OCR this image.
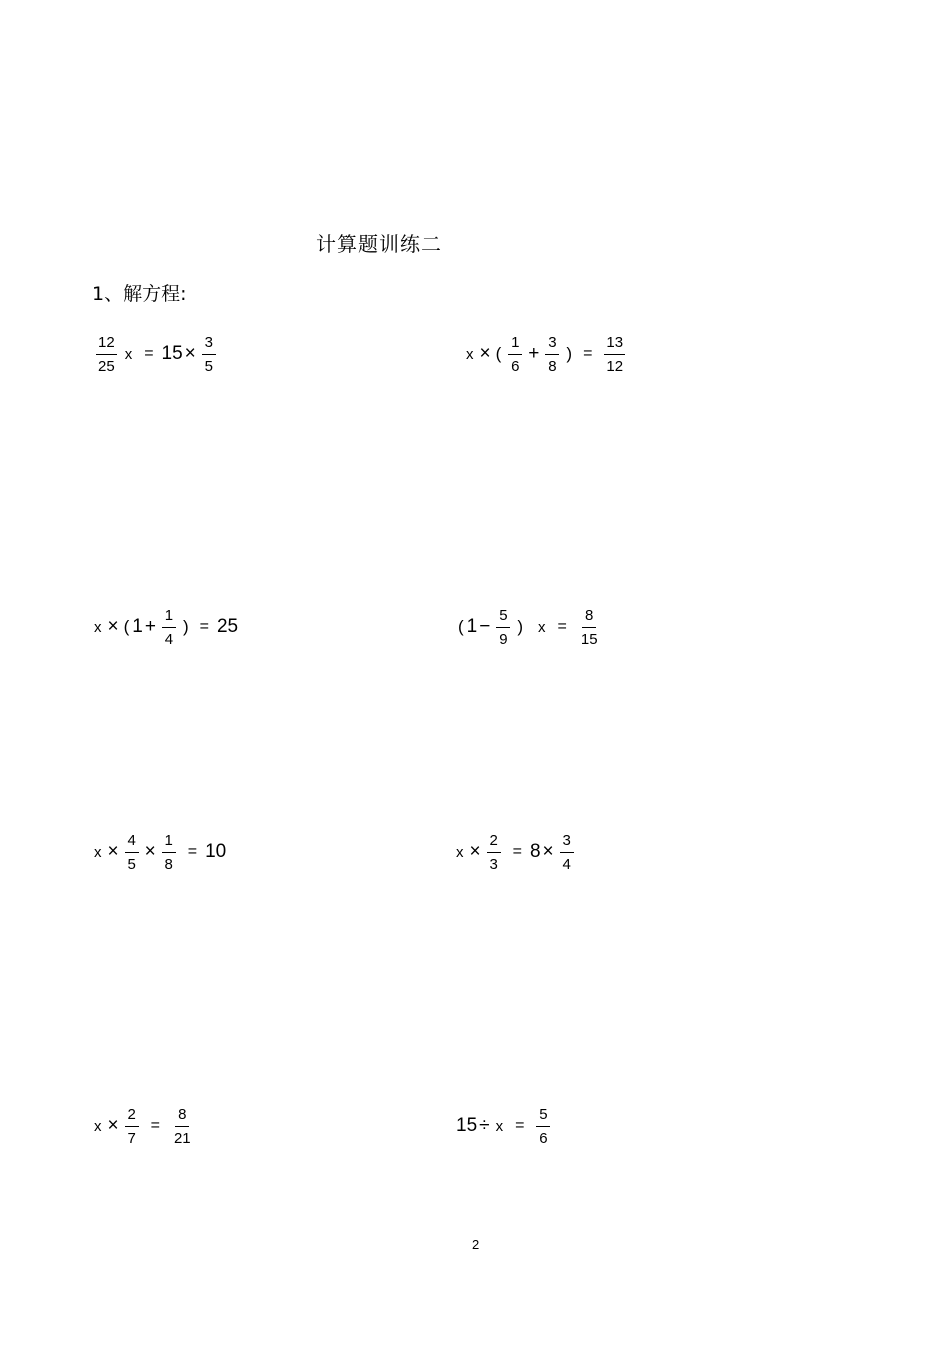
计算题训练二
1、解方程:
$\frac{12}{25}$ $x = 15 \times \frac{3}{5}$	x × ( $\frac{1}{6} + \frac{3}{8}$ ) = $\frac{13}{12}$
x × ( $1 + \frac{1}{4}$ ) = 25	( $1 - \frac{5}{9}$ ) $x = \frac{8}{15}$
$x \times \frac{4}{5} \times \frac{1}{8} = 10$	$x \times \frac{2}{3} = 8 \times \frac{3}{4}$
$x \times \frac{2}{7} = \frac{8}{21}$	$15 \div x = \frac{5}{6}$
2
